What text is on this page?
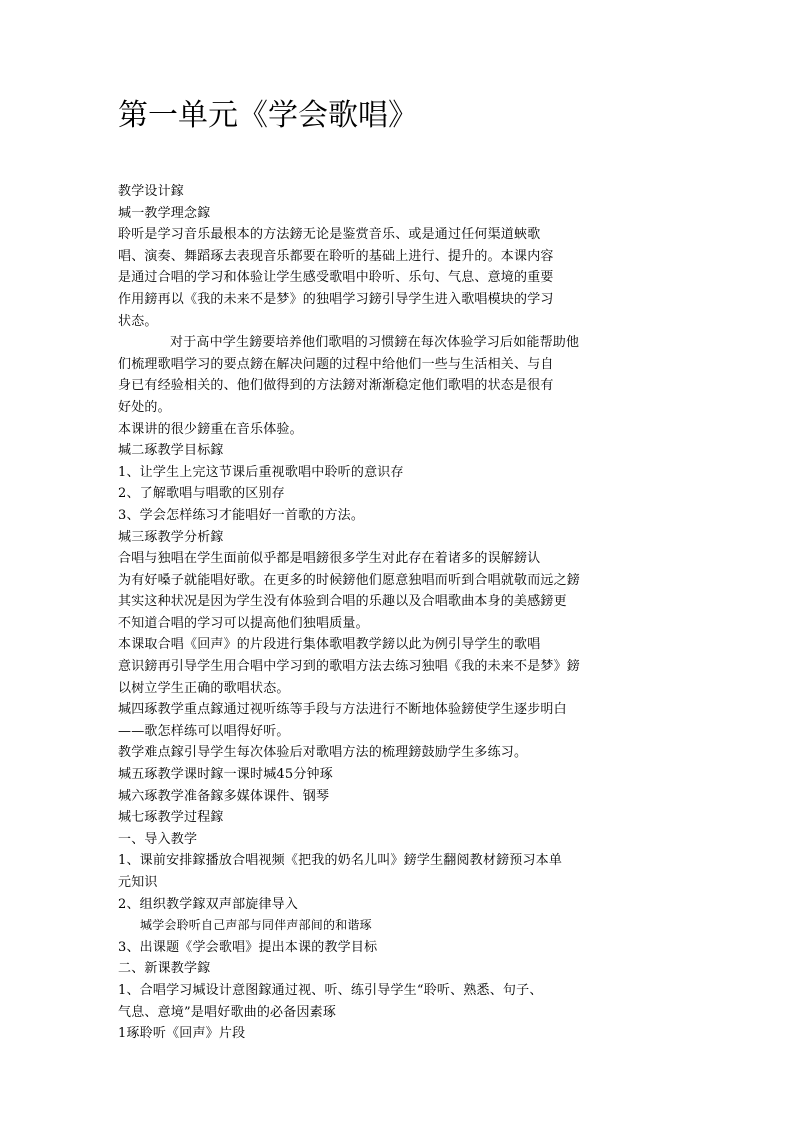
第一单元《学会歌唱》
教学设计鎵
堿一教学理念鎵
聆听是学习音乐最根本的方法鎊无论是鉴赏音乐、或是通过任何渠道蛺歌
唱、演奏、舞蹈琢去表现音乐都要在聆听的基础上进行、提升的。本课内容
是通过合唱的学习和体验让学生感受歌唱中聆听、乐句、气息、意境的重要
作用鎊再以《我的未来不是梦》的独唱学习鎊引导学生进入歌唱模块的学习
状态。
对于高中学生鎊要培养他们歌唱的习惯鎊在每次体验学习后如能帮助他
们梳理歌唱学习的要点鎊在解决问题的过程中给他们一些与生活相关、与自
身已有经验相关的、他们做得到的方法鎊对渐渐稳定他们歌唱的状态是很有
好处的。
本课讲的很少鎊重在音乐体验。
堿二琢教学目标鎵
1、让学生上完这节课后重视歌唱中聆听的意识存
2、了解歌唱与唱歌的区别存
3、学会怎样练习才能唱好一首歌的方法。
堿三琢教学分析鎵
合唱与独唱在学生面前似乎都是唱鎊很多学生对此存在着诸多的误解鎊认
为有好嗓子就能唱好歌。在更多的时候鎊他们愿意独唱而听到合唱就敬而远之鎊
其实这种状况是因为学生没有体验到合唱的乐趣以及合唱歌曲本身的美感鎊更
不知道合唱的学习可以提高他们独唱质量。
本课取合唱《回声》的片段进行集体歌唱教学鎊以此为例引导学生的歌唱
意识鎊再引导学生用合唱中学习到的歌唱方法去练习独唱《我的未来不是梦》鎊
以树立学生正确的歌唱状态。
堿四琢教学重点鎵通过视听练等手段与方法进行不断地体验鎊使学生逐步明白
——歌怎样练可以唱得好听。
教学难点鎵引导学生每次体验后对歌唱方法的梳理鎊鼓励学生多练习。
堿五琢教学课时鎵一课时堿45分钟琢
堿六琢教学准备鎵多媒体课件、钢琴
堿七琢教学过程鎵
一、导入教学
1、课前安排鎵播放合唱视频《把我的奶名儿叫》鎊学生翻阅教材鎊预习本单
元知识
2、组织教学鎵双声部旋律导入
堿学会聆听自己声部与同伴声部间的和谐琢
3、出课题《学会歌唱》提出本课的教学目标
二、新课教学鎵
1、合唱学习堿设计意图鎵通过视、听、练引导学生“聆听、熟悉、句子、
气息、意境”是唱好歌曲的必备因素琢
1琢聆听《回声》片段
